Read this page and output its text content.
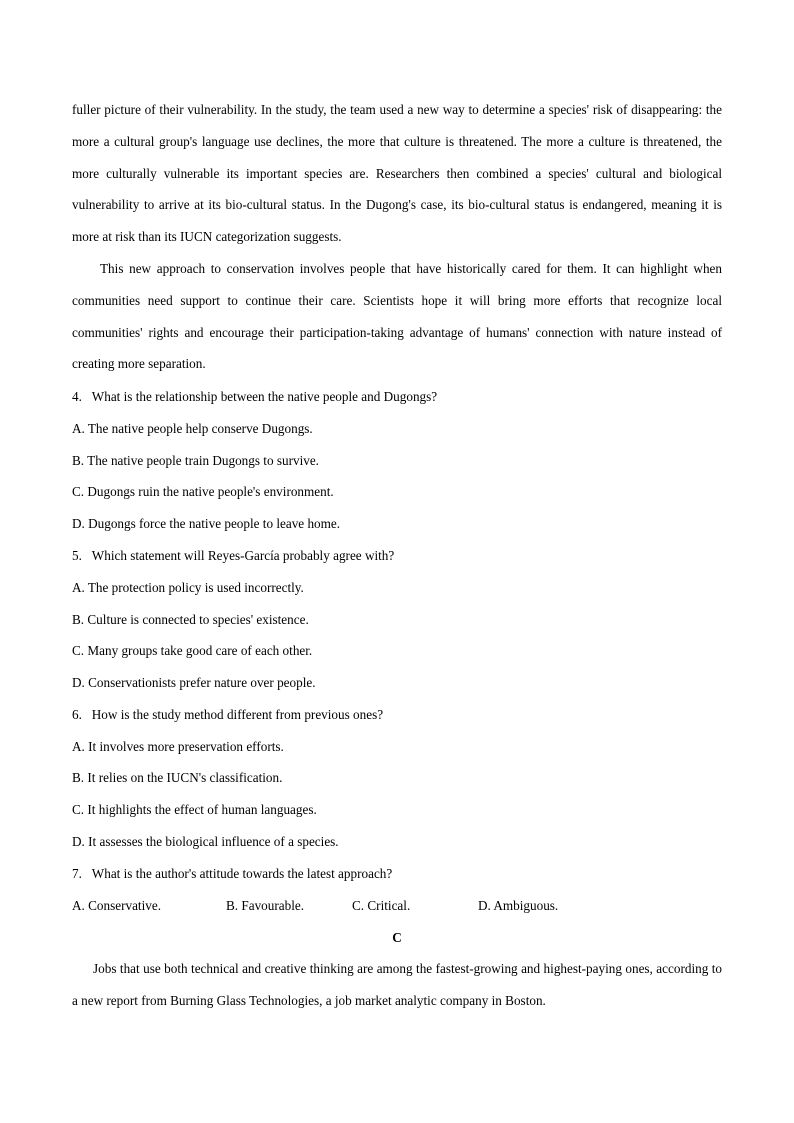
fuller picture of their vulnerability. In the study, the team used a new way to determine a species' risk of disappearing: the more a cultural group's language use declines, the more that culture is threatened. The more a culture is threatened, the more culturally vulnerable its important species are. Researchers then combined a species' cultural and biological vulnerability to arrive at its bio-cultural status. In the Dugong's case, its bio-cultural status is endangered, meaning it is more at risk than its IUCN categorization suggests.

This new approach to conservation involves people that have historically cared for them. It can highlight when communities need support to continue their care. Scientists hope it will bring more efforts that recognize local communities' rights and encourage their participation-taking advantage of humans' connection with nature instead of creating more separation.

4.   What is the relationship between the native people and Dugongs?

A. The native people help conserve Dugongs.

B. The native people train Dugongs to survive.

C. Dugongs ruin the native people's environment.

D. Dugongs force the native people to leave home.

5.   Which statement will Reyes-García probably agree with?

A. The protection policy is used incorrectly.

B. Culture is connected to species' existence.

C. Many groups take good care of each other.

D. Conservationists prefer nature over people.

6.   How is the study method different from previous ones?

A. It involves more preservation efforts.

B. It relies on the IUCN's classification.

C. It highlights the effect of human languages.

D. It assesses the biological influence of a species.

7.   What is the author's attitude towards the latest approach?

A. Conservative.	B. Favourable.	C. Critical.	D. Ambiguous.
C

Jobs that use both technical and creative thinking are among the fastest-growing and highest-paying ones, according to a new report from Burning Glass Technologies, a job market analytic company in Boston.
